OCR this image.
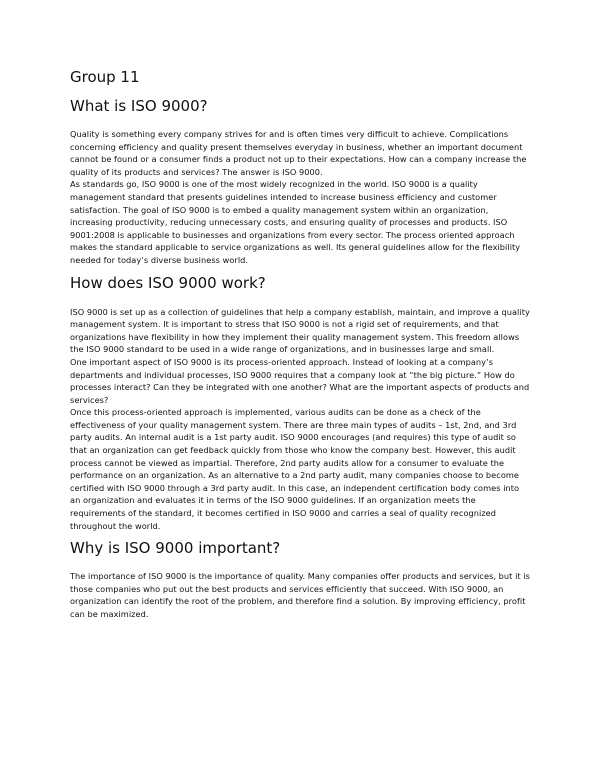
Group 11
What is ISO 9000?

Quality is something every company strives for and is often times very difficult to achieve. Complications concerning efficiency and quality present themselves everyday in business, whether an important document cannot be found or a consumer finds a product not up to their expectations. How can a company increase the quality of its products and services? The answer is ISO 9000.

As standards go, ISO 9000 is one of the most widely recognized in the world. ISO 9000 is a quality management standard that presents guidelines intended to increase business efficiency and customer satisfaction. The goal of ISO 9000 is to embed a quality management system within an organization, increasing productivity, reducing unnecessary costs, and ensuring quality of processes and products. ISO 9001:2008 is applicable to businesses and organizations from every sector. The process oriented approach makes the standard applicable to service organizations as well. Its general guidelines allow for the flexibility needed for today’s diverse business world.

How does ISO 9000 work?

ISO 9000 is set up as a collection of guidelines that help a company establish, maintain, and improve a quality management system. It is important to stress that ISO 9000 is not a rigid set of requirements, and that organizations have flexibility in how they implement their quality management system. This freedom allows the ISO 9000 standard to be used in a wide range of organizations, and in businesses large and small.

One important aspect of ISO 9000 is its process-oriented approach. Instead of looking at a company’s departments and individual processes, ISO 9000 requires that a company look at “the big picture.” How do processes interact? Can they be integrated with one another? What are the important aspects of products and services?

Once this process-oriented approach is implemented, various audits can be done as a check of the effectiveness of your quality management system. There are three main types of audits – 1st, 2nd, and 3rd party audits. An internal audit is a 1st party audit. ISO 9000 encourages (and requires) this type of audit so that an organization can get feedback quickly from those who know the company best. However, this audit process cannot be viewed as impartial. Therefore, 2nd party audits allow for a consumer to evaluate the performance on an organization. As an alternative to a 2nd party audit, many companies choose to become certified with ISO 9000 through a 3rd party audit. In this case, an independent certification body comes into an organization and evaluates it in terms of the ISO 9000 guidelines. If an organization meets the requirements of the standard, it becomes certified in ISO 9000 and carries a seal of quality recognized throughout the world.

Why is ISO 9000 important?

The importance of ISO 9000 is the importance of quality. Many companies offer products and services, but it is those companies who put out the best products and services efficiently that succeed. With ISO 9000, an organization can identify the root of the problem, and therefore find a solution. By improving efficiency, profit can be maximized.
